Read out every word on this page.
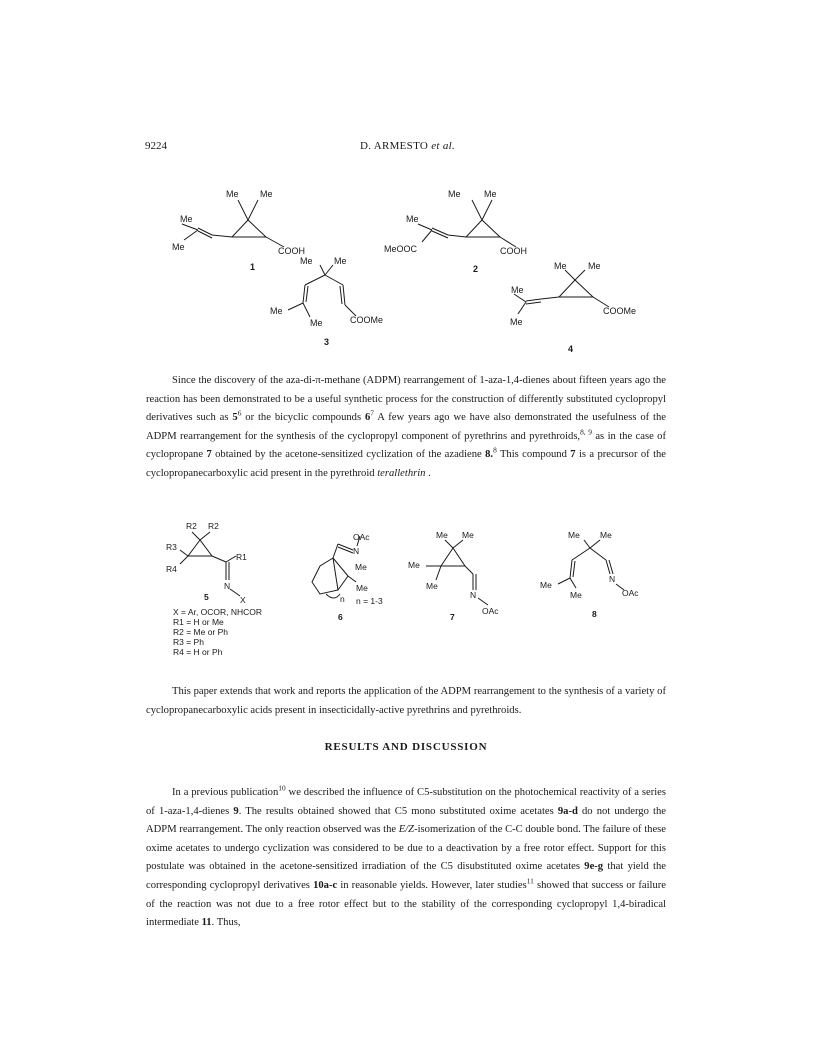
9224	D. ARMESTO et al.
Me Me
Me
Me	COOH
1
Me	Me
Me
MeOOC	COOH
2
Me Me
Me
Me	COOMe
3
Me Me
Me
Me
COOMe
4

Since the discovery of the aza-di-π-methane (ADPM) rearrangement of 1-aza-1,4-dienes about fifteen years ago the reaction has been demonstrated to be a useful synthetic process for the construction of differently substituted cyclopropyl derivatives such as $5^6$ or the bicyclic compounds $6^7$ A few years ago we have also demonstrated the usefulness of the ADPM rearrangement for the synthesis of the cyclopropyl component of pyrethrins and pyrethroids,$^{8, 9}$ as in the case of cyclopropane 7 obtained by the acetone-sensitized cyclization of the azadiene 8.$^8$ This compound 7 is a precursor of the cyclopropanecarboxylic acid present in the pyrethroid terallethrin .

R2 R2
R3
R4
R1
N
X
5
OAc
N
Me
Me
n n = 1-3
6
Me Me
Me
Me
N
OAc
7
Me Me
Me
Me
N
OAc
8
X = Ar, OCOR, NHCOR
R1 = H or Me
R2 = Me or Ph
R3 = Ph
R4 = H or Ph

This paper extends that work and reports the application of the ADPM rearrangement to the synthesis of a variety of cyclopropanecarboxylic acids present in insecticidally-active pyrethrins and pyrethroids.

RESULTS AND DISCUSSION

In a previous publication$^{10}$ we described the influence of C5-substitution on the photochemical reactivity of a series of 1-aza-1,4-dienes 9. The results obtained showed that C5 mono substituted oxime acetates 9a-d do not undergo the ADPM rearrangement. The only reaction observed was the E/Z-isomerization of the C-C double bond. The failure of these oxime acetates to undergo cyclization was considered to be due to a deactivation by a free rotor effect. Support for this postulate was obtained in the acetone-sensitized irradiation of the C5 disubstituted oxime acetates 9e-g that yield the corresponding cyclopropyl derivatives 10a-c in reasonable yields. However, later studies$^{11}$ showed that success or failure of the reaction was not due to a free rotor effect but to the stability of the corresponding cyclopropyl 1,4-biradical intermediate 11. Thus,
